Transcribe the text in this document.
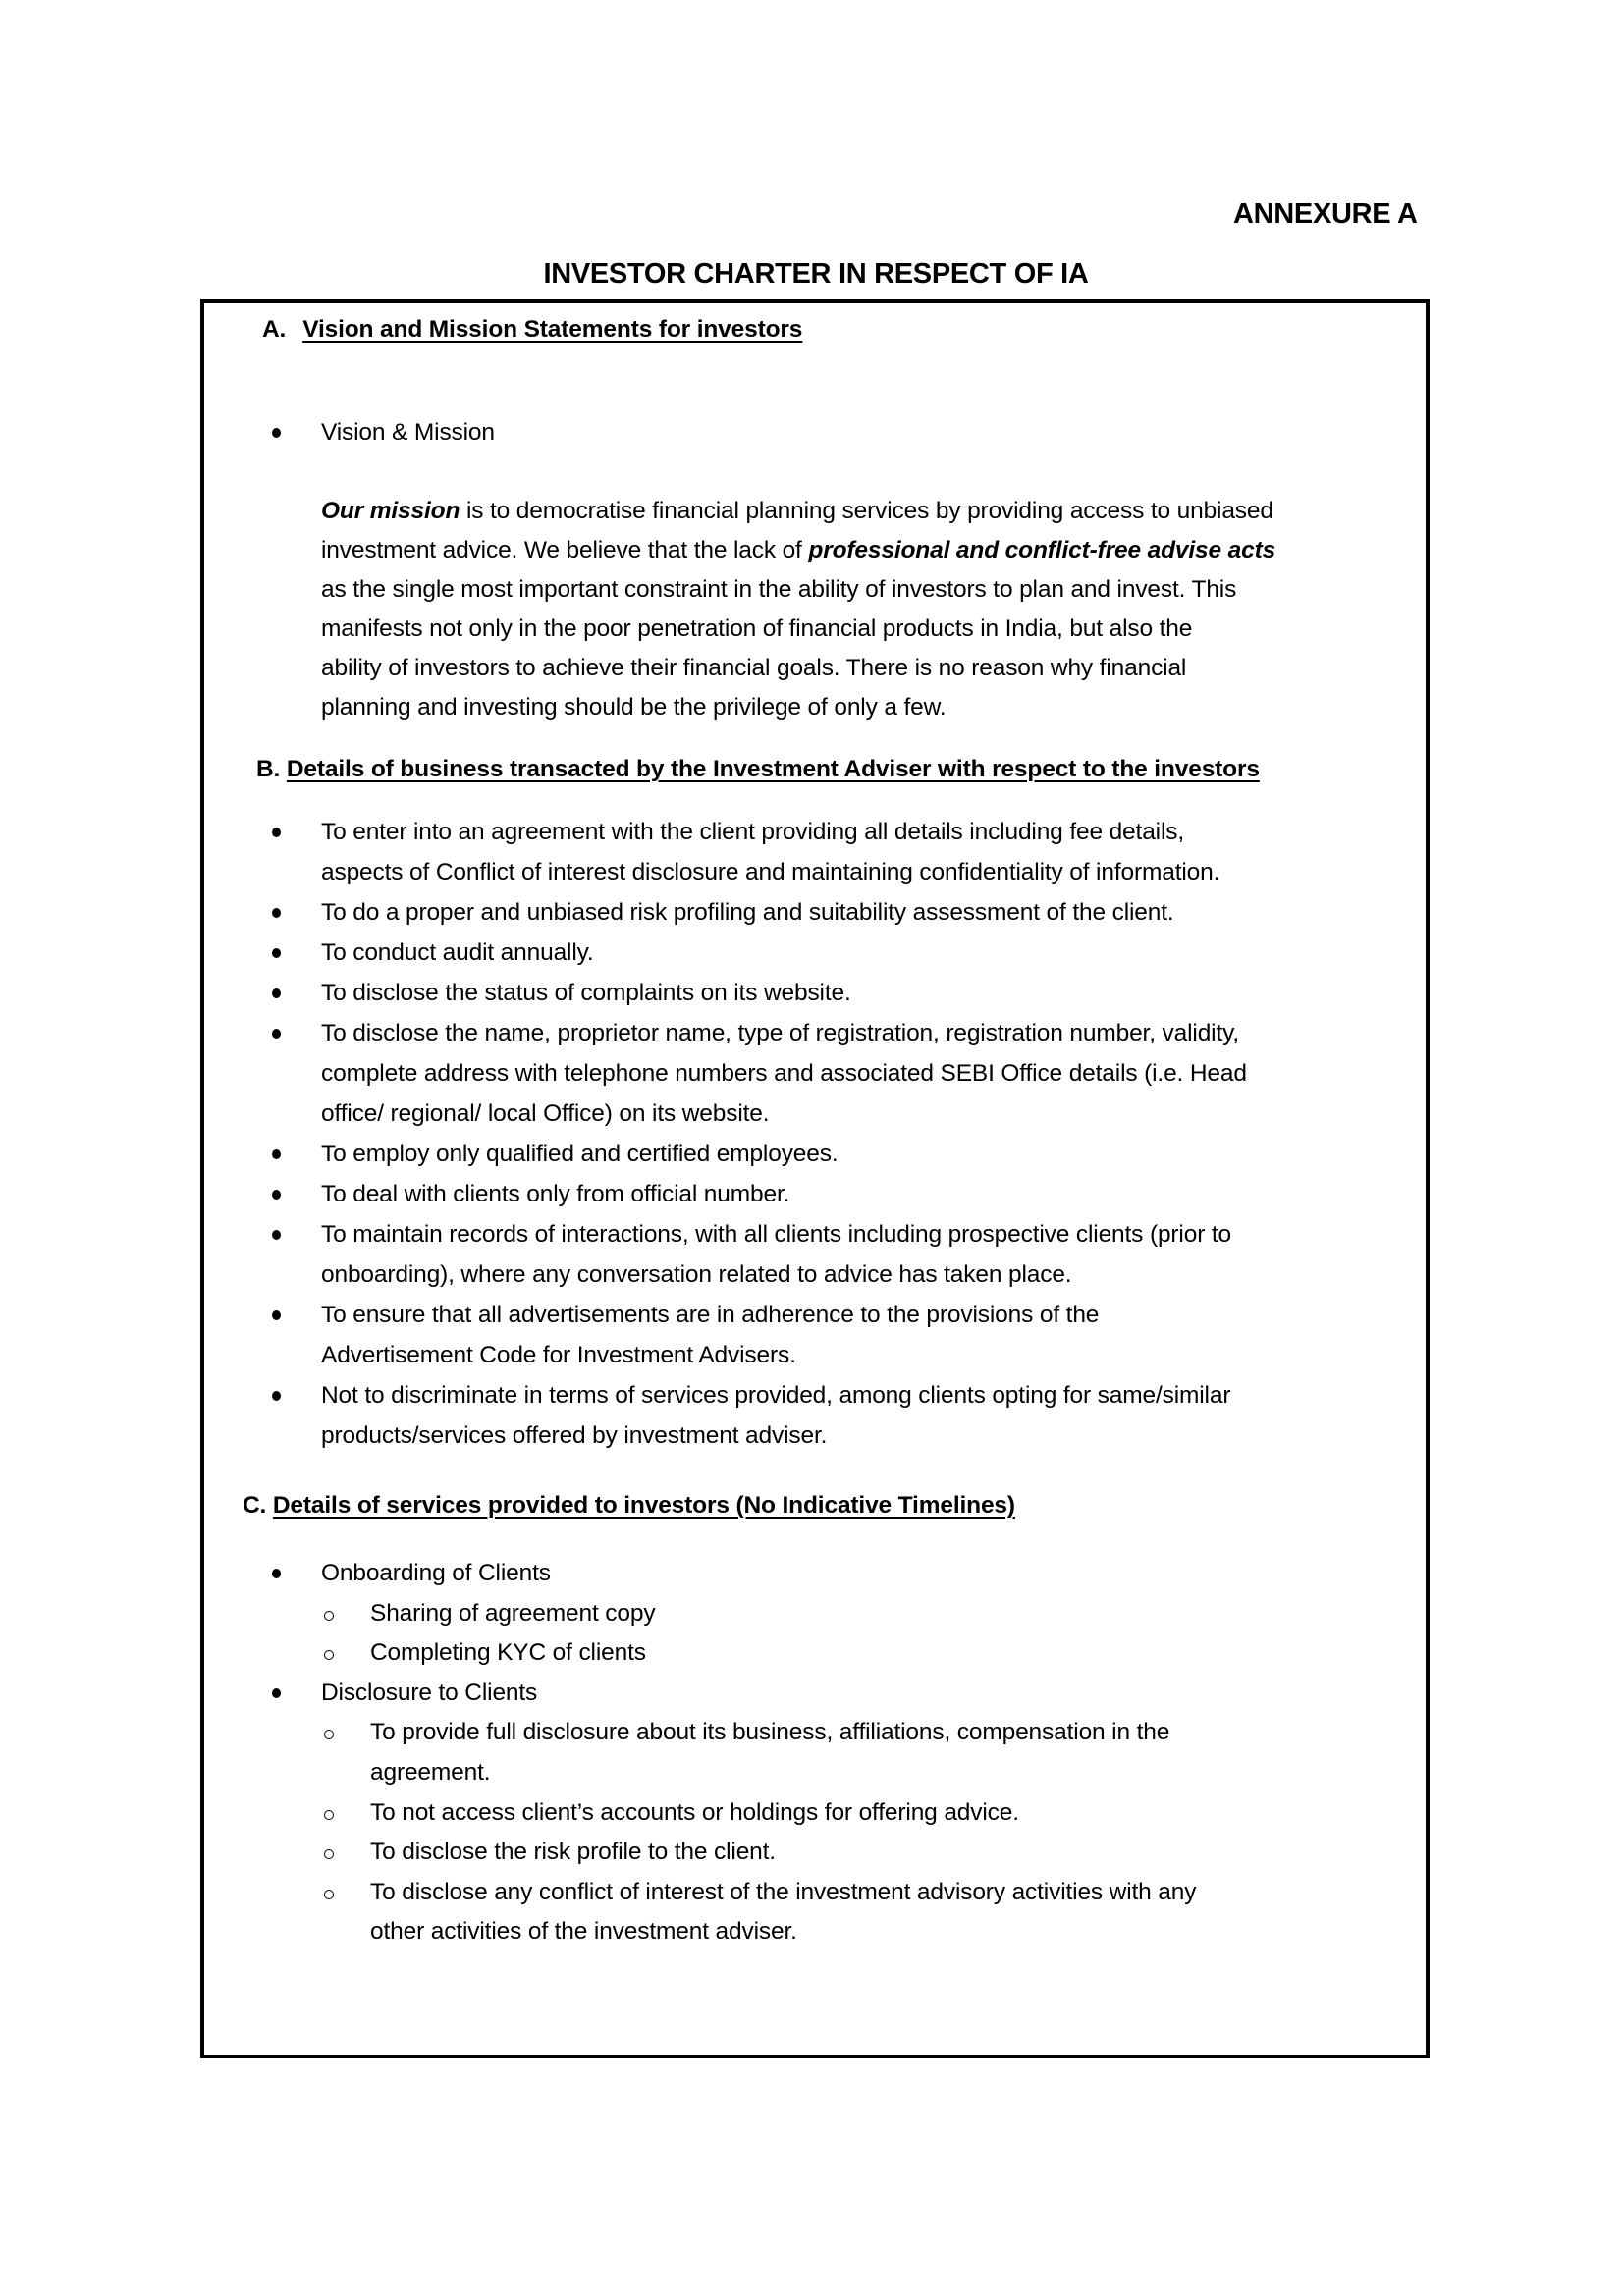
ANNEXURE A
INVESTOR CHARTER IN RESPECT OF IA
A. Vision and Mission Statements for investors
Vision & Mission
Our mission is to democratise financial planning services by providing access to unbiased
investment advice. We believe that the lack of professional and conflict-free advise acts
as the single most important constraint in the ability of investors to plan and invest. This
manifests not only in the poor penetration of financial products in India, but also the
ability of investors to achieve their financial goals. There is no reason why financial
planning and investing should be the privilege of only a few.
B. Details of business transacted by the Investment Adviser with respect to the investors
To enter into an agreement with the client providing all details including fee details,
aspects of Conflict of interest disclosure and maintaining confidentiality of information.
To do a proper and unbiased risk profiling and suitability assessment of the client.
To conduct audit annually.
To disclose the status of complaints on its website.
To disclose the name, proprietor name, type of registration, registration number, validity,
complete address with telephone numbers and associated SEBI Office details (i.e. Head
office/ regional/ local Office) on its website.
To employ only qualified and certified employees.
To deal with clients only from official number.
To maintain records of interactions, with all clients including prospective clients (prior to
onboarding), where any conversation related to advice has taken place.
To ensure that all advertisements are in adherence to the provisions of the
Advertisement Code for Investment Advisers.
Not to discriminate in terms of services provided, among clients opting for same/similar
products/services offered by investment adviser.
C. Details of services provided to investors (No Indicative Timelines)
Onboarding of Clients
Sharing of agreement copy
Completing KYC of clients
Disclosure to Clients
To provide full disclosure about its business, affiliations, compensation in the
agreement.
To not access client’s accounts or holdings for offering advice.
To disclose the risk profile to the client.
To disclose any conflict of interest of the investment advisory activities with any
other activities of the investment adviser.
